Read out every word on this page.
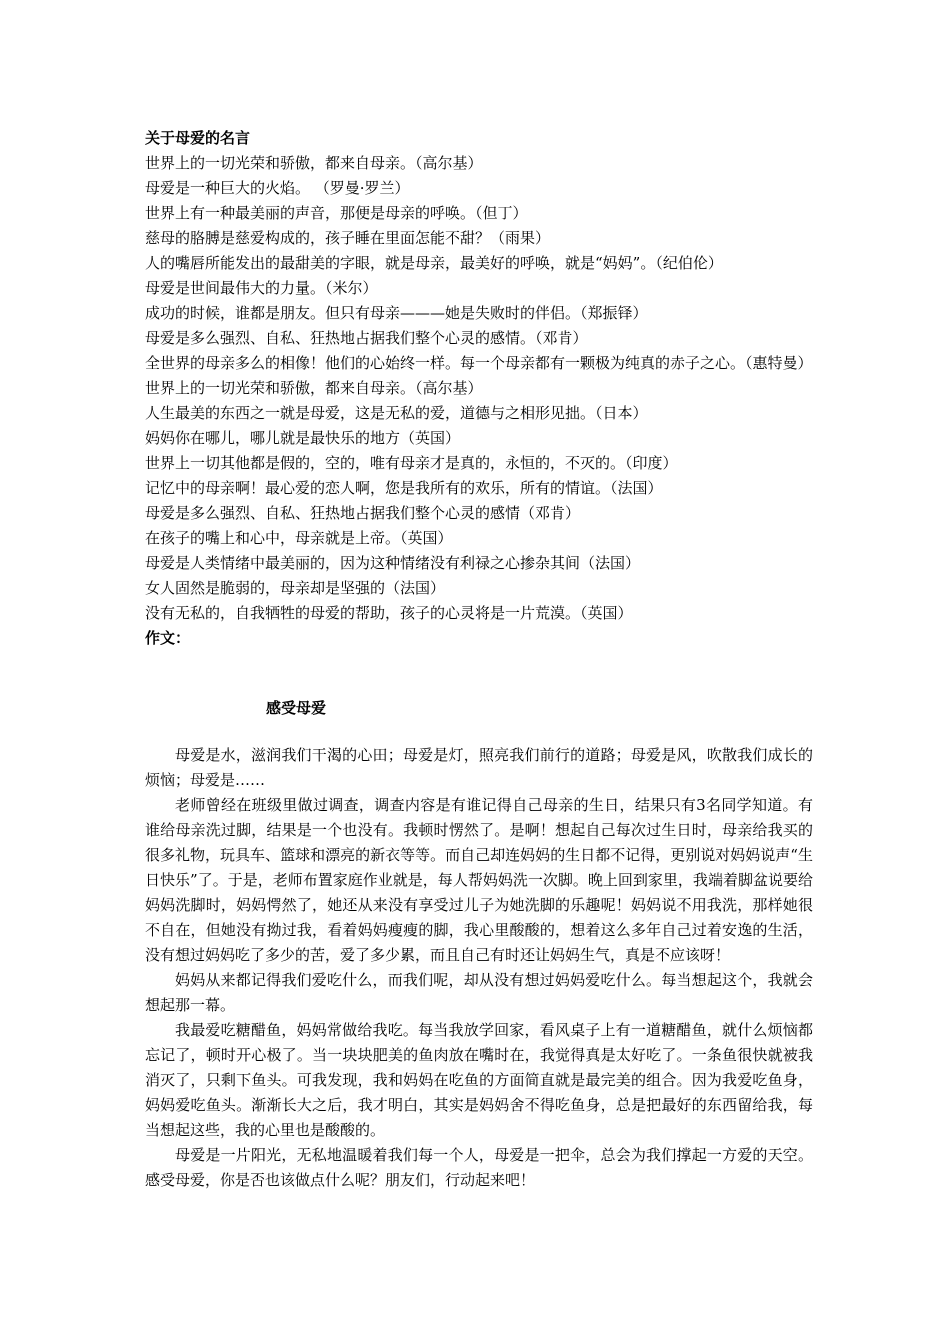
关于母爱的名言
世界上的一切光荣和骄傲，都来自母亲。（高尔基）
母爱是一种巨大的火焰。 （罗曼·罗兰）
世界上有一种最美丽的声音，那便是母亲的呼唤。（但丁）
慈母的胳膊是慈爱构成的，孩子睡在里面怎能不甜？（雨果）
人的嘴唇所能发出的最甜美的字眼，就是母亲，最美好的呼唤，就是“妈妈”。（纪伯伦）
母爱是世间最伟大的力量。（米尔）
成功的时候，谁都是朋友。但只有母亲———她是失败时的伴侣。（郑振铎）
母爱是多么强烈、自私、狂热地占据我们整个心灵的感情。（邓肯）
全世界的母亲多么的相像！他们的心始终一样。每一个母亲都有一颗极为纯真的赤子之心。（惠特曼）
世界上的一切光荣和骄傲，都来自母亲。（高尔基）
人生最美的东西之一就是母爱，这是无私的爱，道德与之相形见拙。（日本）
妈妈你在哪儿，哪儿就是最快乐的地方（英国）
世界上一切其他都是假的，空的，唯有母亲才是真的，永恒的，不灭的。（印度）
记忆中的母亲啊！最心爱的恋人啊，您是我所有的欢乐，所有的情谊。（法国）
母爱是多么强烈、自私、狂热地占据我们整个心灵的感情（邓肯）
在孩子的嘴上和心中，母亲就是上帝。（英国）
母爱是人类情绪中最美丽的，因为这种情绪没有利禄之心掺杂其间（法国）
女人固然是脆弱的，母亲却是坚强的（法国）
没有无私的，自我牺牲的母爱的帮助，孩子的心灵将是一片荒漠。（英国）
作文：
感受母爱

母爱是水，滋润我们干渴的心田；母爱是灯，照亮我们前行的道路；母爱是风，吹散我们成长的烦恼；母爱是……

老师曾经在班级里做过调查，调查内容是有谁记得自己母亲的生日，结果只有3名同学知道。有谁给母亲洗过脚，结果是一个也没有。我顿时愣然了。是啊！想起自己每次过生日时，母亲给我买的很多礼物，玩具车、篮球和漂亮的新衣等等。而自己却连妈妈的生日都不记得，更别说对妈妈说声“生日快乐”了。于是，老师布置家庭作业就是，每人帮妈妈洗一次脚。晚上回到家里，我端着脚盆说要给妈妈洗脚时，妈妈愕然了，她还从来没有享受过儿子为她洗脚的乐趣呢！妈妈说不用我洗，那样她很不自在，但她没有拗过我，看着妈妈瘦瘦的脚，我心里酸酸的，想着这么多年自己过着安逸的生活，没有想过妈妈吃了多少的苦，爱了多少累，而且自己有时还让妈妈生气，真是不应该呀！

妈妈从来都记得我们爱吃什么，而我们呢，却从没有想过妈妈爱吃什么。每当想起这个，我就会想起那一幕。

我最爱吃糖醋鱼，妈妈常做给我吃。每当我放学回家，看风桌子上有一道糖醋鱼，就什么烦恼都忘记了，顿时开心极了。当一块块肥美的鱼肉放在嘴时在，我觉得真是太好吃了。一条鱼很快就被我消灭了，只剩下鱼头。可我发现，我和妈妈在吃鱼的方面简直就是最完美的组合。因为我爱吃鱼身，妈妈爱吃鱼头。渐渐长大之后，我才明白，其实是妈妈舍不得吃鱼身，总是把最好的东西留给我，每当想起这些，我的心里也是酸酸的。

母爱是一片阳光，无私地温暖着我们每一个人，母爱是一把伞，总会为我们撑起一方爱的天空。感受母爱，你是否也该做点什么呢？朋友们，行动起来吧！
